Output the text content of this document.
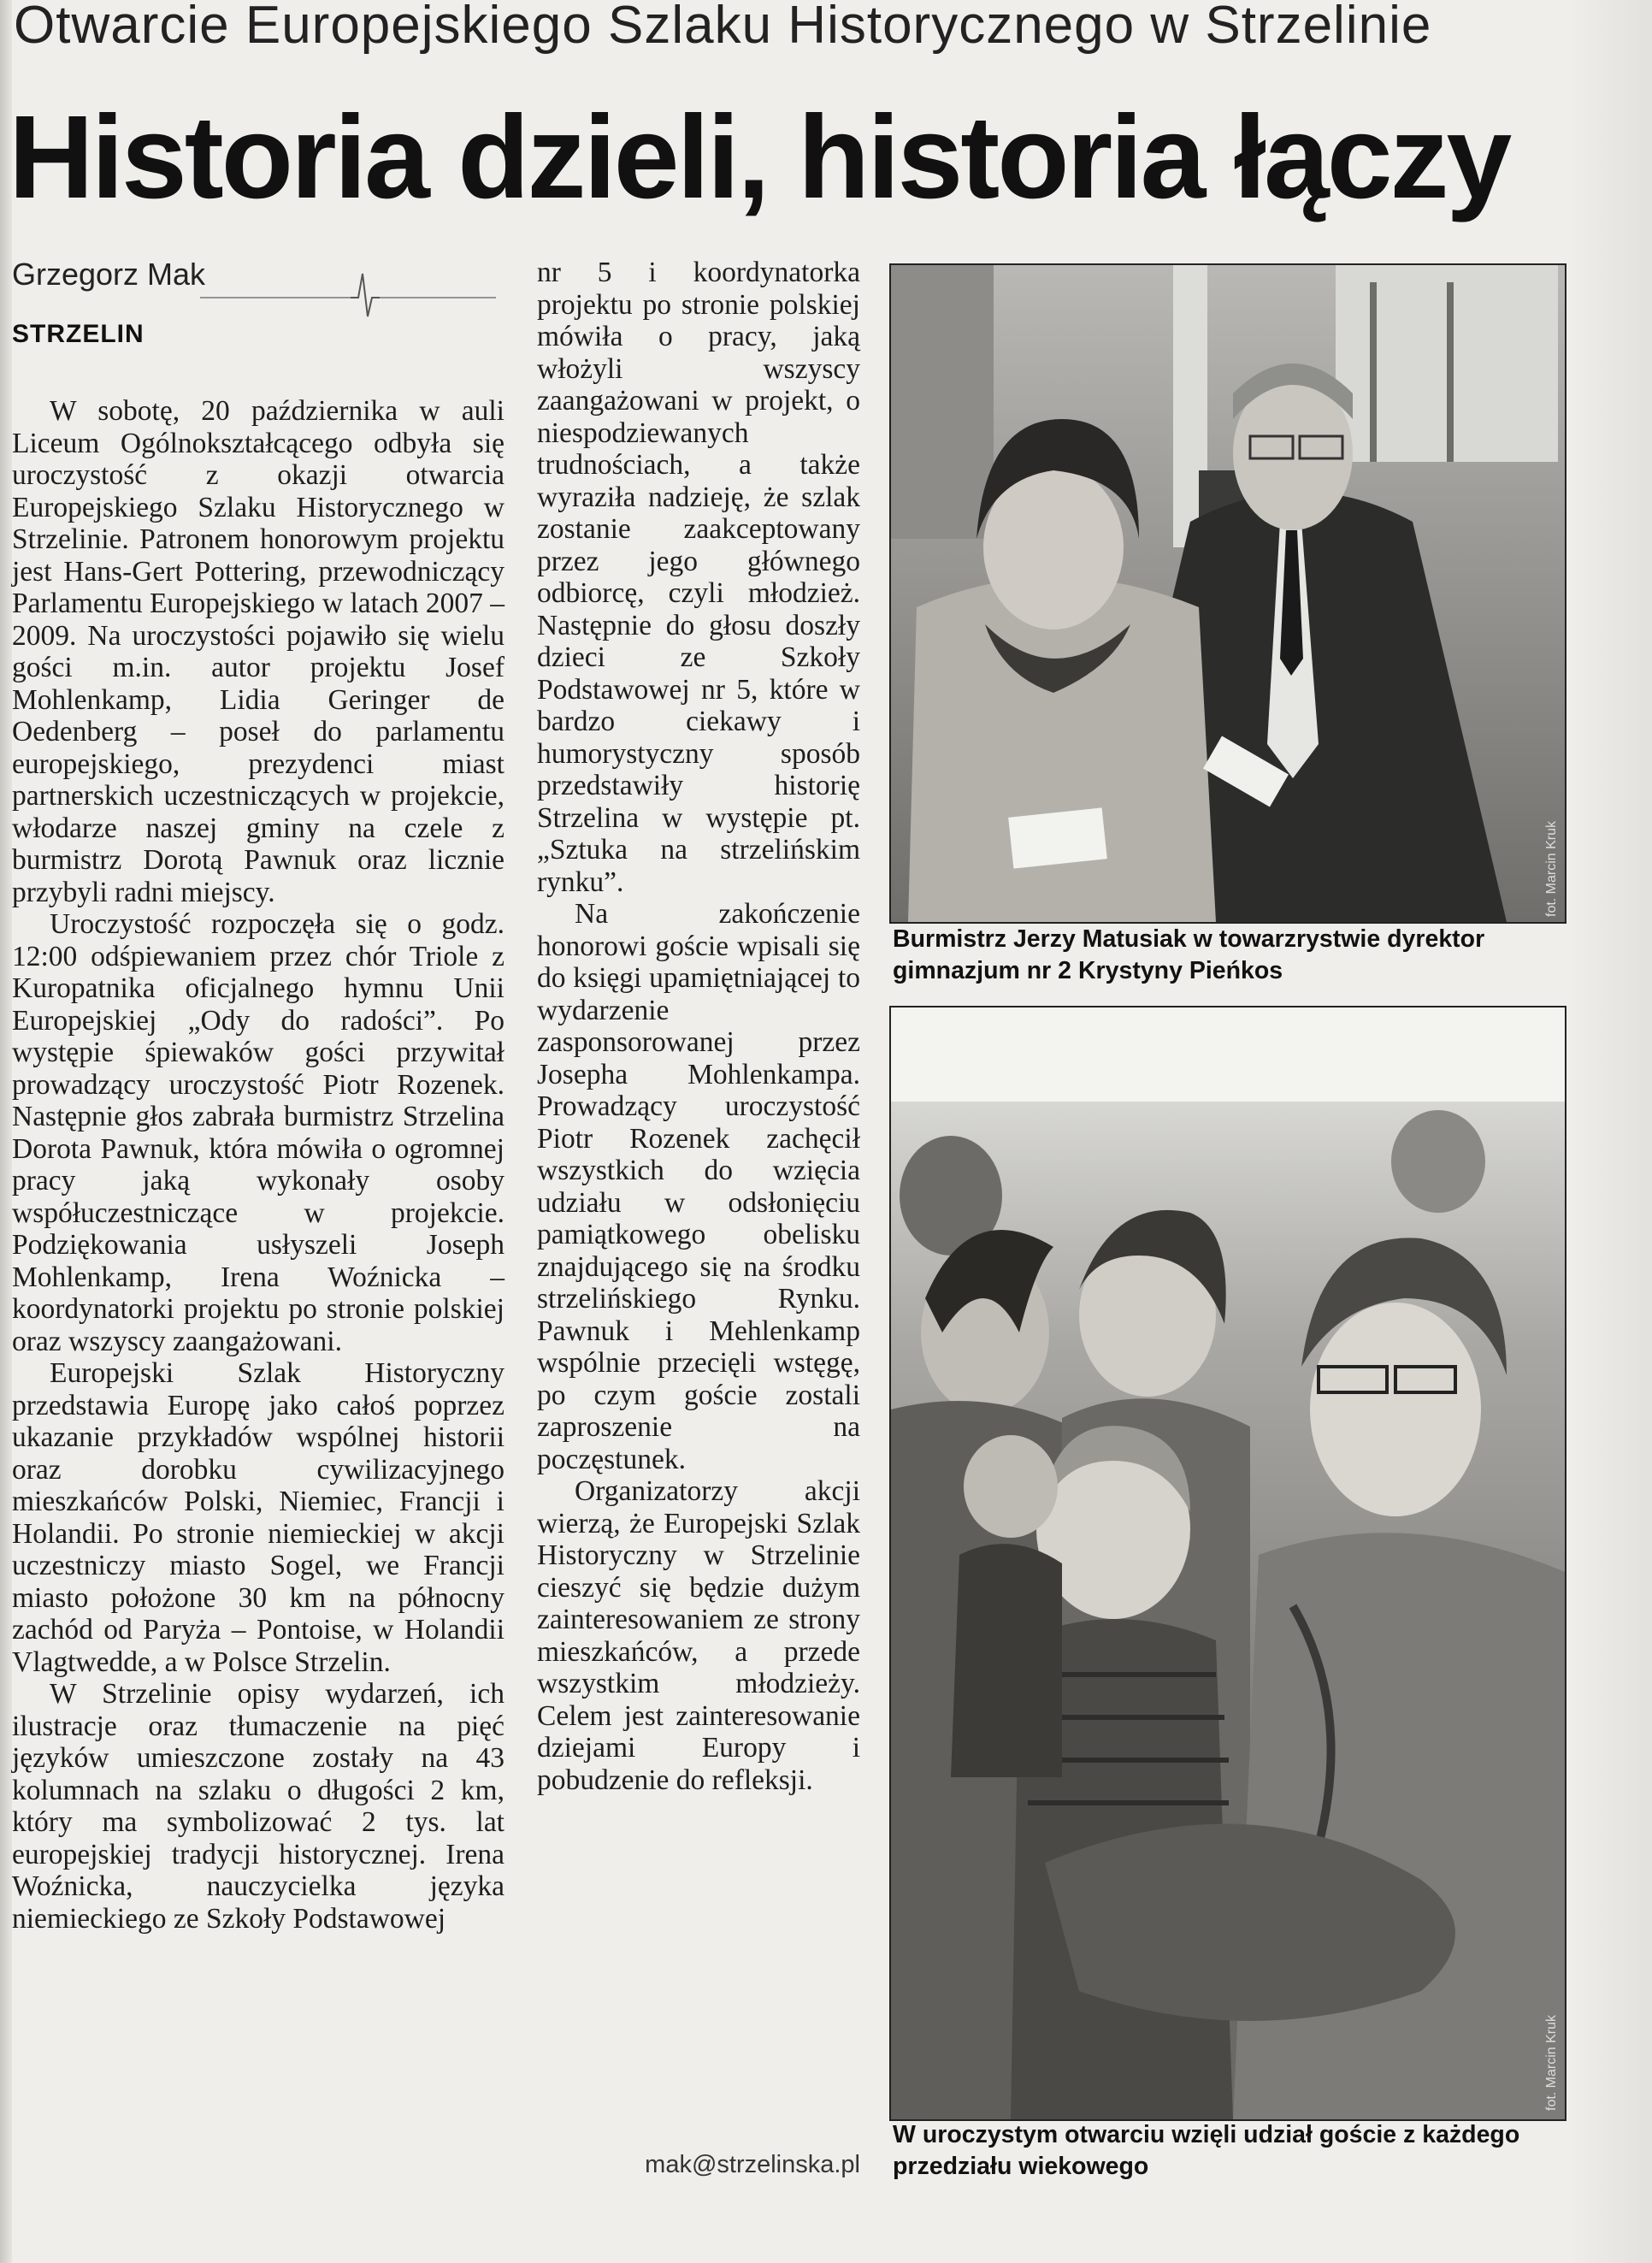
Otwarcie Europejskiego Szlaku Historycznego w Strzelinie
Historia dzieli, historia łączy
Grzegorz Mak
STRZELIN

W sobotę, 20 października w auli Liceum Ogólnokształcącego odbyła się uroczystość z okazji otwarcia Europejskiego Szlaku Historycznego w Strzelinie. Patronem honorowym projektu jest Hans-Gert Pottering, przewodniczący Parlamentu Europejskiego w latach 2007 – 2009. Na uroczystości pojawiło się wielu gości m.in. autor projektu Josef Mohlenkamp, Lidia Geringer de Oedenberg – poseł do parlamentu europejskiego, prezydenci miast partnerskich uczestniczących w projekcie, włodarze naszej gminy na czele z burmistrz Dorotą Pawnuk oraz licznie przybyli radni miejscy.

Uroczystość rozpoczęła się o godz. 12:00 odśpiewaniem przez chór Triole z Kuropatnika oficjalnego hymnu Unii Europejskiej „Ody do radości”. Po występie śpiewaków gości przywitał prowadzący uroczystość Piotr Rozenek. Następnie głos zabrała burmistrz Strzelina Dorota Pawnuk, która mówiła o ogromnej pracy jaką wykonały osoby współuczestniczące w projekcie. Podziękowania usłyszeli Joseph Mohlenkamp, Irena Woźnicka – koordynatorki projektu po stronie polskiej oraz wszyscy zaangażowani.

Europejski Szlak Historyczny przedstawia Europę jako całoś poprzez ukazanie przykładów wspólnej historii oraz dorobku cywilizacyjnego mieszkańców Polski, Niemiec, Francji i Holandii. Po stronie niemieckiej w akcji uczestniczy miasto Sogel, we Francji miasto położone 30 km na północny zachód od Paryża – Pontoise, w Holandii Vlagtwedde, a w Polsce Strzelin.

W Strzelinie opisy wydarzeń, ich ilustracje oraz tłumaczenie na pięć języków umieszczone zostały na 43 kolumnach na szlaku o długości 2 km, który ma symbolizować 2 tys. lat europejskiej tradycji historycznej. Irena Woźnicka, nauczycielka języka niemieckiego ze Szkoły Podstawowej

nr 5 i koordynatorka projektu po stronie polskiej mówiła o pracy, jaką włożyli wszyscy zaangażowani w projekt, o niespodziewanych trudnościach, a także wyraziła nadzieję, że szlak zostanie zaakceptowany przez jego głównego odbiorcę, czyli młodzież. Następnie do głosu doszły dzieci ze Szkoły Podstawowej nr 5, które w bardzo ciekawy i humorystyczny sposób przedstawiły historię Strzelina w występie pt. „Sztuka na strzelińskim rynku”.

Na zakończenie honorowi goście wpisali się do księgi upamiętniającej to wydarzenie zasponsorowanej przez Josepha Mohlenkampa. Prowadzący uroczystość Piotr Rozenek zachęcił wszystkich do wzięcia udziału w odsłonięciu pamiątkowego obelisku znajdującego się na środku strzelińskiego Rynku. Pawnuk i Mehlenkamp wspólnie przecięli wstęgę, po czym goście zostali zaproszenie na poczęstunek.

Organizatorzy akcji wierzą, że Europejski Szlak Historyczny w Strzelinie cieszyć się będzie dużym zainteresowaniem ze strony mieszkańców, a przede wszystkim młodzieży. Celem jest zainteresowanie dziejami Europy i pobudzenie do refleksji.

mak@strzelinska.pl
fot. Marcin Kruk
Burmistrz Jerzy Matusiak w towarzrystwie dyrektor gimnazjum nr 2 Krystyny Pieńkos
fot. Marcin Kruk
W uroczystym otwarciu wzięli udział goście z każdego przedziału wiekowego
